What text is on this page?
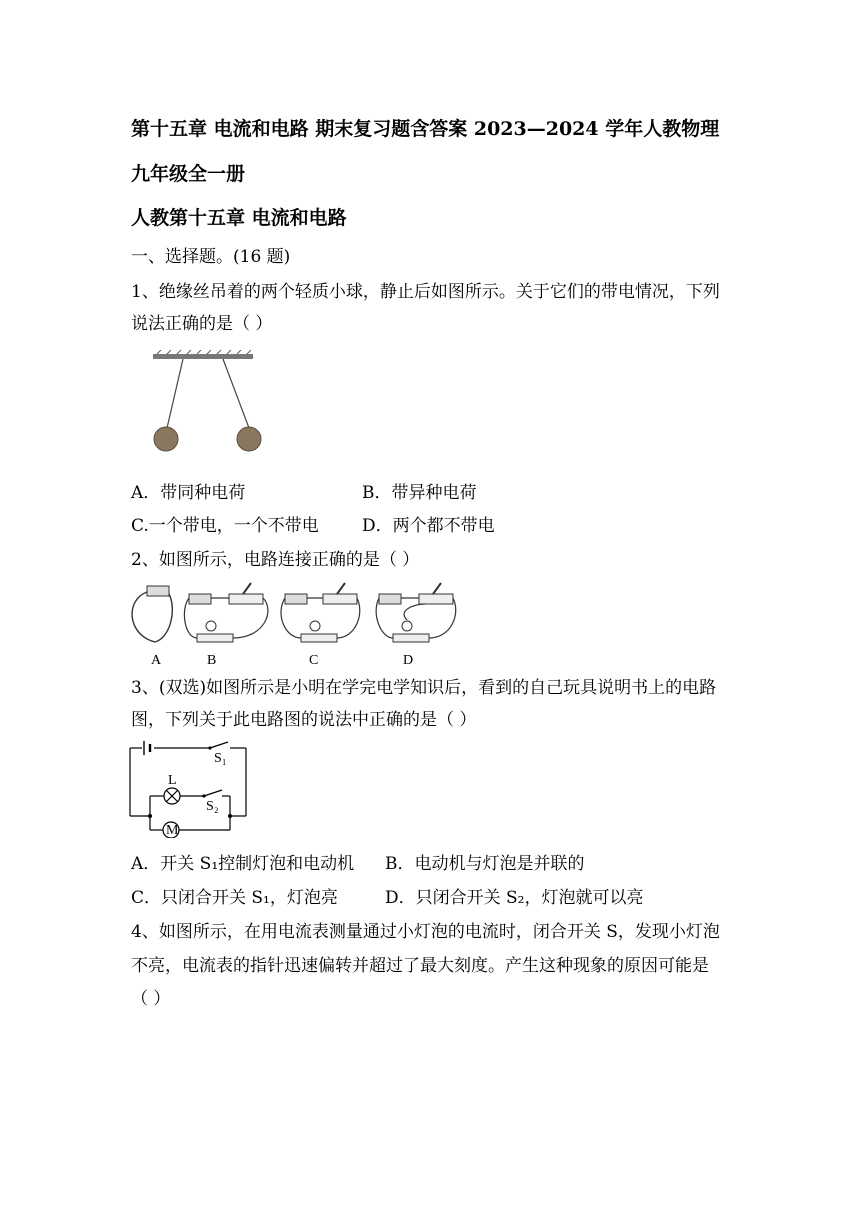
第十五章 电流和电路 期末复习题含答案 2023—2024 学年人教物理
九年级全一册
人教第十五章 电流和电路
一、选择题。(16 题)
1、绝缘丝吊着的两个轻质小球，静止后如图所示。关于它们的带电情况，下列
说法正确的是（ ）
A．带同种电荷	B．带异种电荷
C.一个带电，一个不带电	D．两个都不带电
2、如图所示，电路连接正确的是（ ）
A	B	C	D
3、(双选)如图所示是小明在学完电学知识后，看到的自己玩具说明书上的电路
图，下列关于此电路图的说法中正确的是（ ）
S₁
L
S₂
M
A．开关 S₁控制灯泡和电动机 B．电动机与灯泡是并联的
C．只闭合开关 S₁，灯泡亮	D．只闭合开关 S₂，灯泡就可以亮
4、如图所示，在用电流表测量通过小灯泡的电流时，闭合开关 S，发现小灯泡
不亮，电流表的指针迅速偏转并超过了最大刻度。产生这种现象的原因可能是
（ ）
